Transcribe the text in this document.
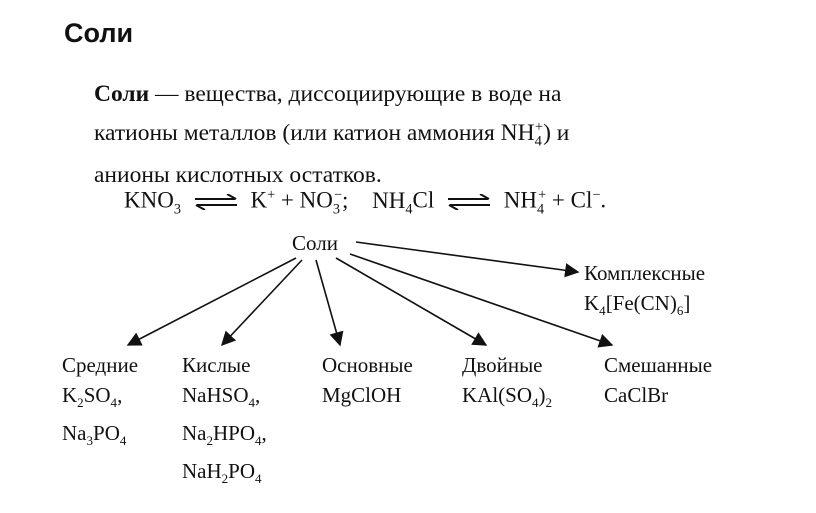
Соли
Соли — вещества, диссоциирующие в воде на
катионы металлов (или катион аммония $NH_4^+$) и
анионы кислотных остатков.
$KNO_3$ ⇌ $K^+ + NO_3^-$; $NH_4Cl$ ⇌ $NH_4^+ + Cl^-$.
Соли
Средние
$K_2SO_4$,
$Na_3PO_4$
Кислые
NaHSO$_4$,
$Na_2HPO_4$,
$NaH_2PO_4$
Основные
MgClOH
Двойные
$KAl(SO_4)_2$
Смешанные
CaClBr
Комплексные
$K_4[Fe(CN)_6]$
